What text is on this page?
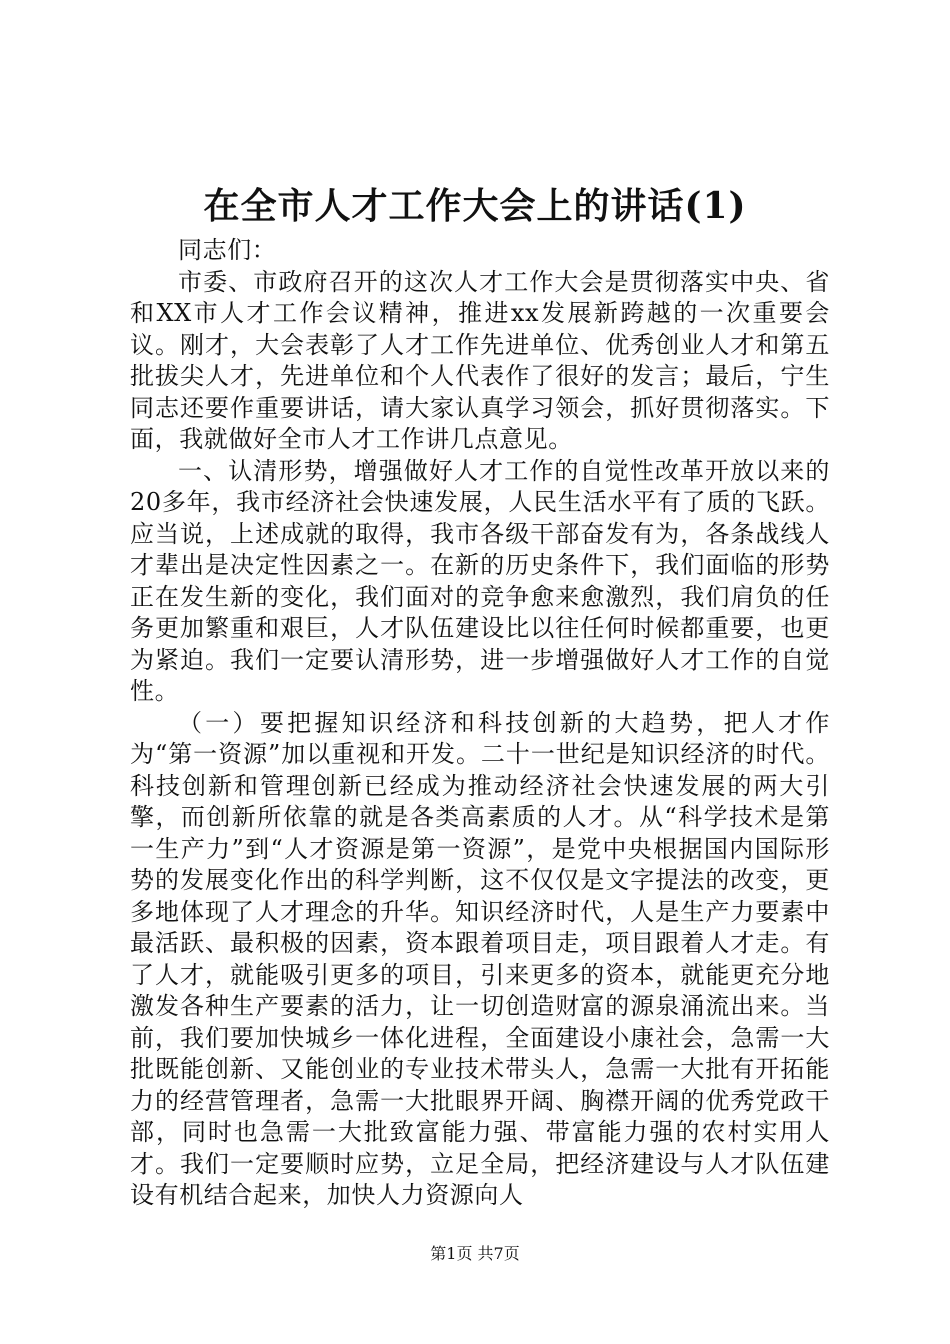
在全市人才工作大会上的讲话(1)

同志们：

市委、市政府召开的这次人才工作大会是贯彻落实中央、省和XX市人才工作会议精神，推进xx发展新跨越的一次重要会议。刚才，大会表彰了人才工作先进单位、优秀创业人才和第五批拔尖人才，先进单位和个人代表作了很好的发言；最后，宁生同志还要作重要讲话，请大家认真学习领会，抓好贯彻落实。下面，我就做好全市人才工作讲几点意见。

一、认清形势，增强做好人才工作的自觉性改革开放以来的20多年，我市经济社会快速发展，人民生活水平有了质的飞跃。应当说，上述成就的取得，我市各级干部奋发有为，各条战线人才辈出是决定性因素之一。在新的历史条件下，我们面临的形势正在发生新的变化，我们面对的竞争愈来愈激烈，我们肩负的任务更加繁重和艰巨，人才队伍建设比以往任何时候都重要，也更为紧迫。我们一定要认清形势，进一步增强做好人才工作的自觉性。

（一）要把握知识经济和科技创新的大趋势，把人才作为“第一资源”加以重视和开发。二十一世纪是知识经济的时代。科技创新和管理创新已经成为推动经济社会快速发展的两大引擎，而创新所依靠的就是各类高素质的人才。从“科学技术是第一生产力”到“人才资源是第一资源”，是党中央根据国内国际形势的发展变化作出的科学判断，这不仅仅是文字提法的改变，更多地体现了人才理念的升华。知识经济时代，人是生产力要素中最活跃、最积极的因素，资本跟着项目走，项目跟着人才走。有了人才，就能吸引更多的项目，引来更多的资本，就能更充分地激发各种生产要素的活力，让一切创造财富的源泉涌流出来。当前，我们要加快城乡一体化进程，全面建设小康社会，急需一大批既能创新、又能创业的专业技术带头人，急需一大批有开拓能力的经营管理者，急需一大批眼界开阔、胸襟开阔的优秀党政干部，同时也急需一大批致富能力强、带富能力强的农村实用人才。我们一定要顺时应势，立足全局，把经济建设与人才队伍建设有机结合起来，加快人力资源向人

第1页 共7页
